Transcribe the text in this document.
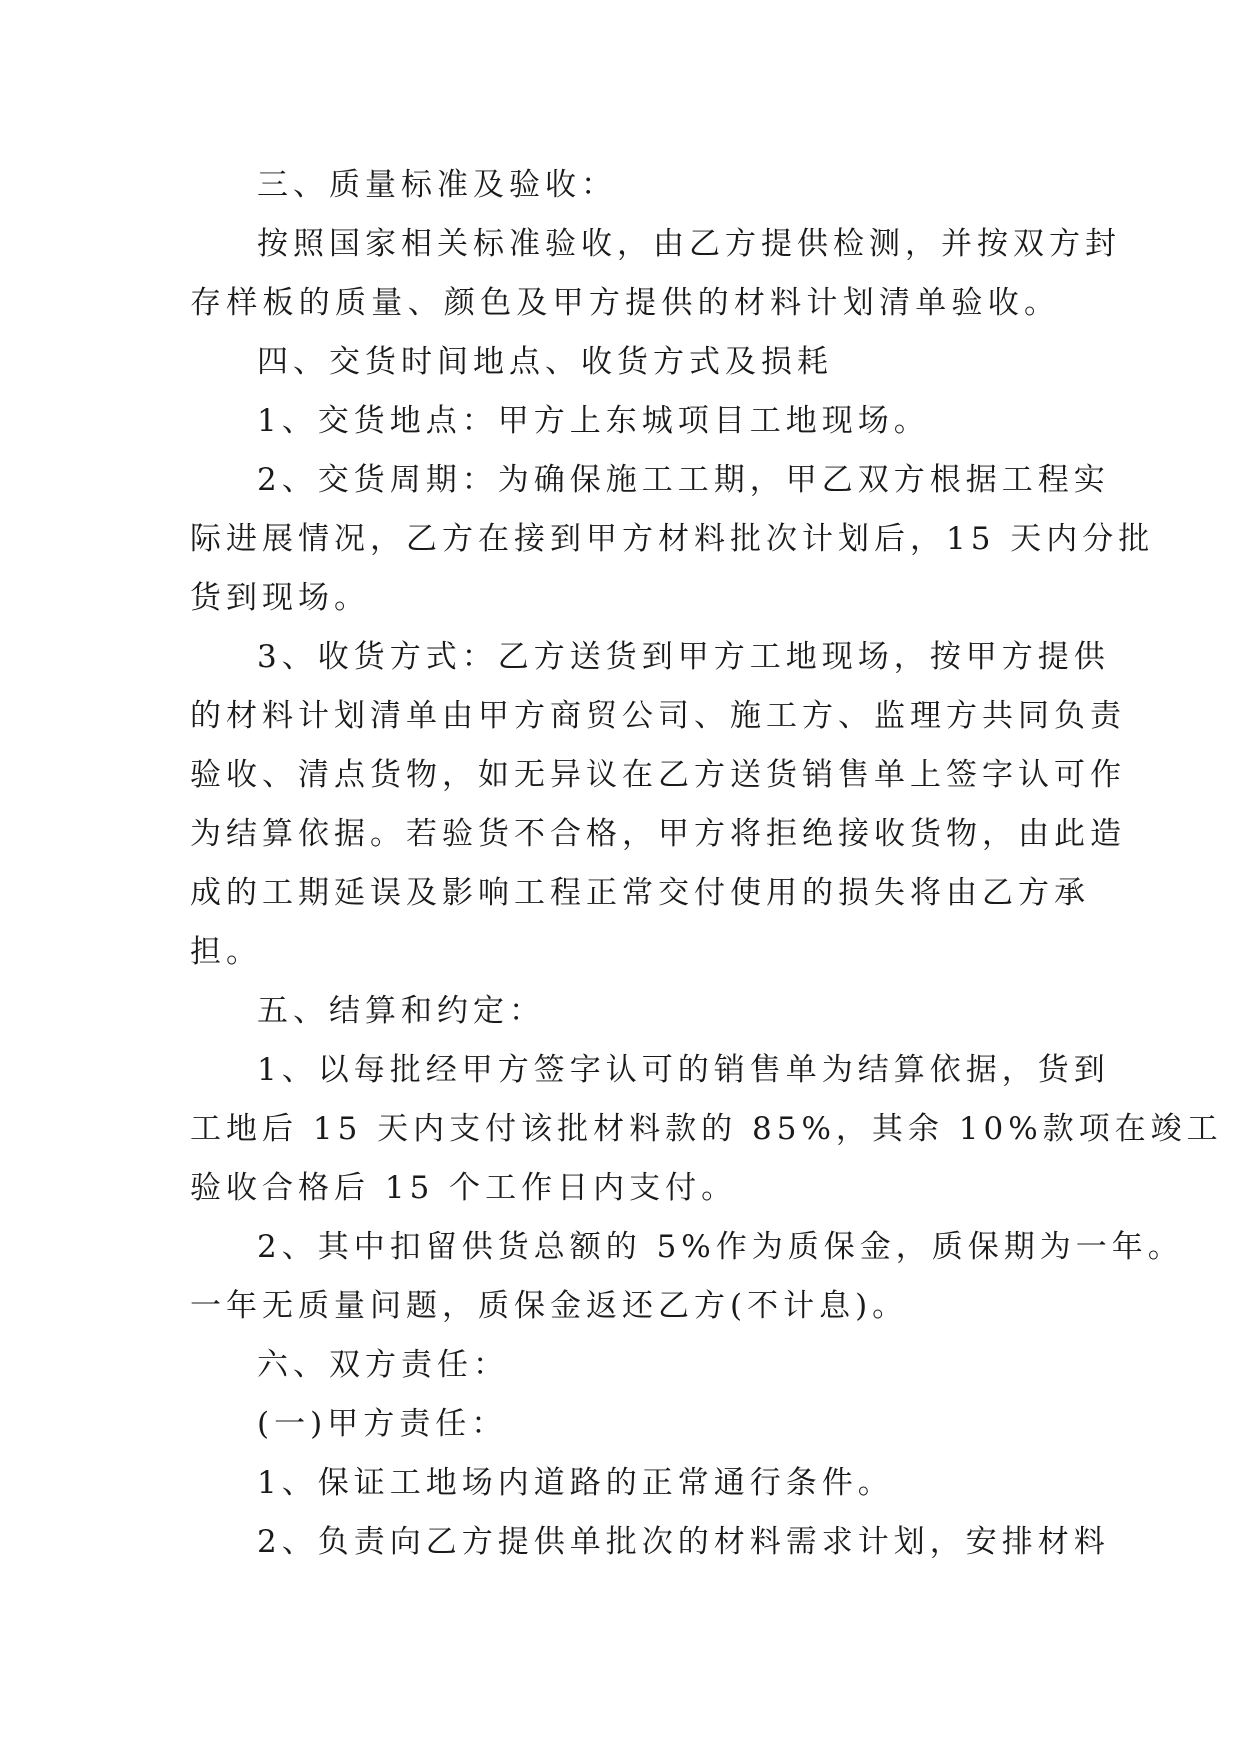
三、质量标准及验收：
按照国家相关标准验收，由乙方提供检测，并按双方封
存样板的质量、颜色及甲方提供的材料计划清单验收。
四、交货时间地点、收货方式及损耗
1、交货地点：甲方上东城项目工地现场。
2、交货周期：为确保施工工期，甲乙双方根据工程实
际进展情况，乙方在接到甲方材料批次计划后，15 天内分批
货到现场。
3、收货方式：乙方送货到甲方工地现场，按甲方提供
的材料计划清单由甲方商贸公司、施工方、监理方共同负责
验收、清点货物，如无异议在乙方送货销售单上签字认可作
为结算依据。若验货不合格，甲方将拒绝接收货物，由此造
成的工期延误及影响工程正常交付使用的损失将由乙方承
担。
五、结算和约定：
1、以每批经甲方签字认可的销售单为结算依据，货到
工地后 15 天内支付该批材料款的 85%，其余 10%款项在竣工
验收合格后 15 个工作日内支付。
2、其中扣留供货总额的 5%作为质保金，质保期为一年。
一年无质量问题，质保金返还乙方(不计息)。
六、双方责任：
(一)甲方责任：
1、保证工地场内道路的正常通行条件。
2、负责向乙方提供单批次的材料需求计划，安排材料
